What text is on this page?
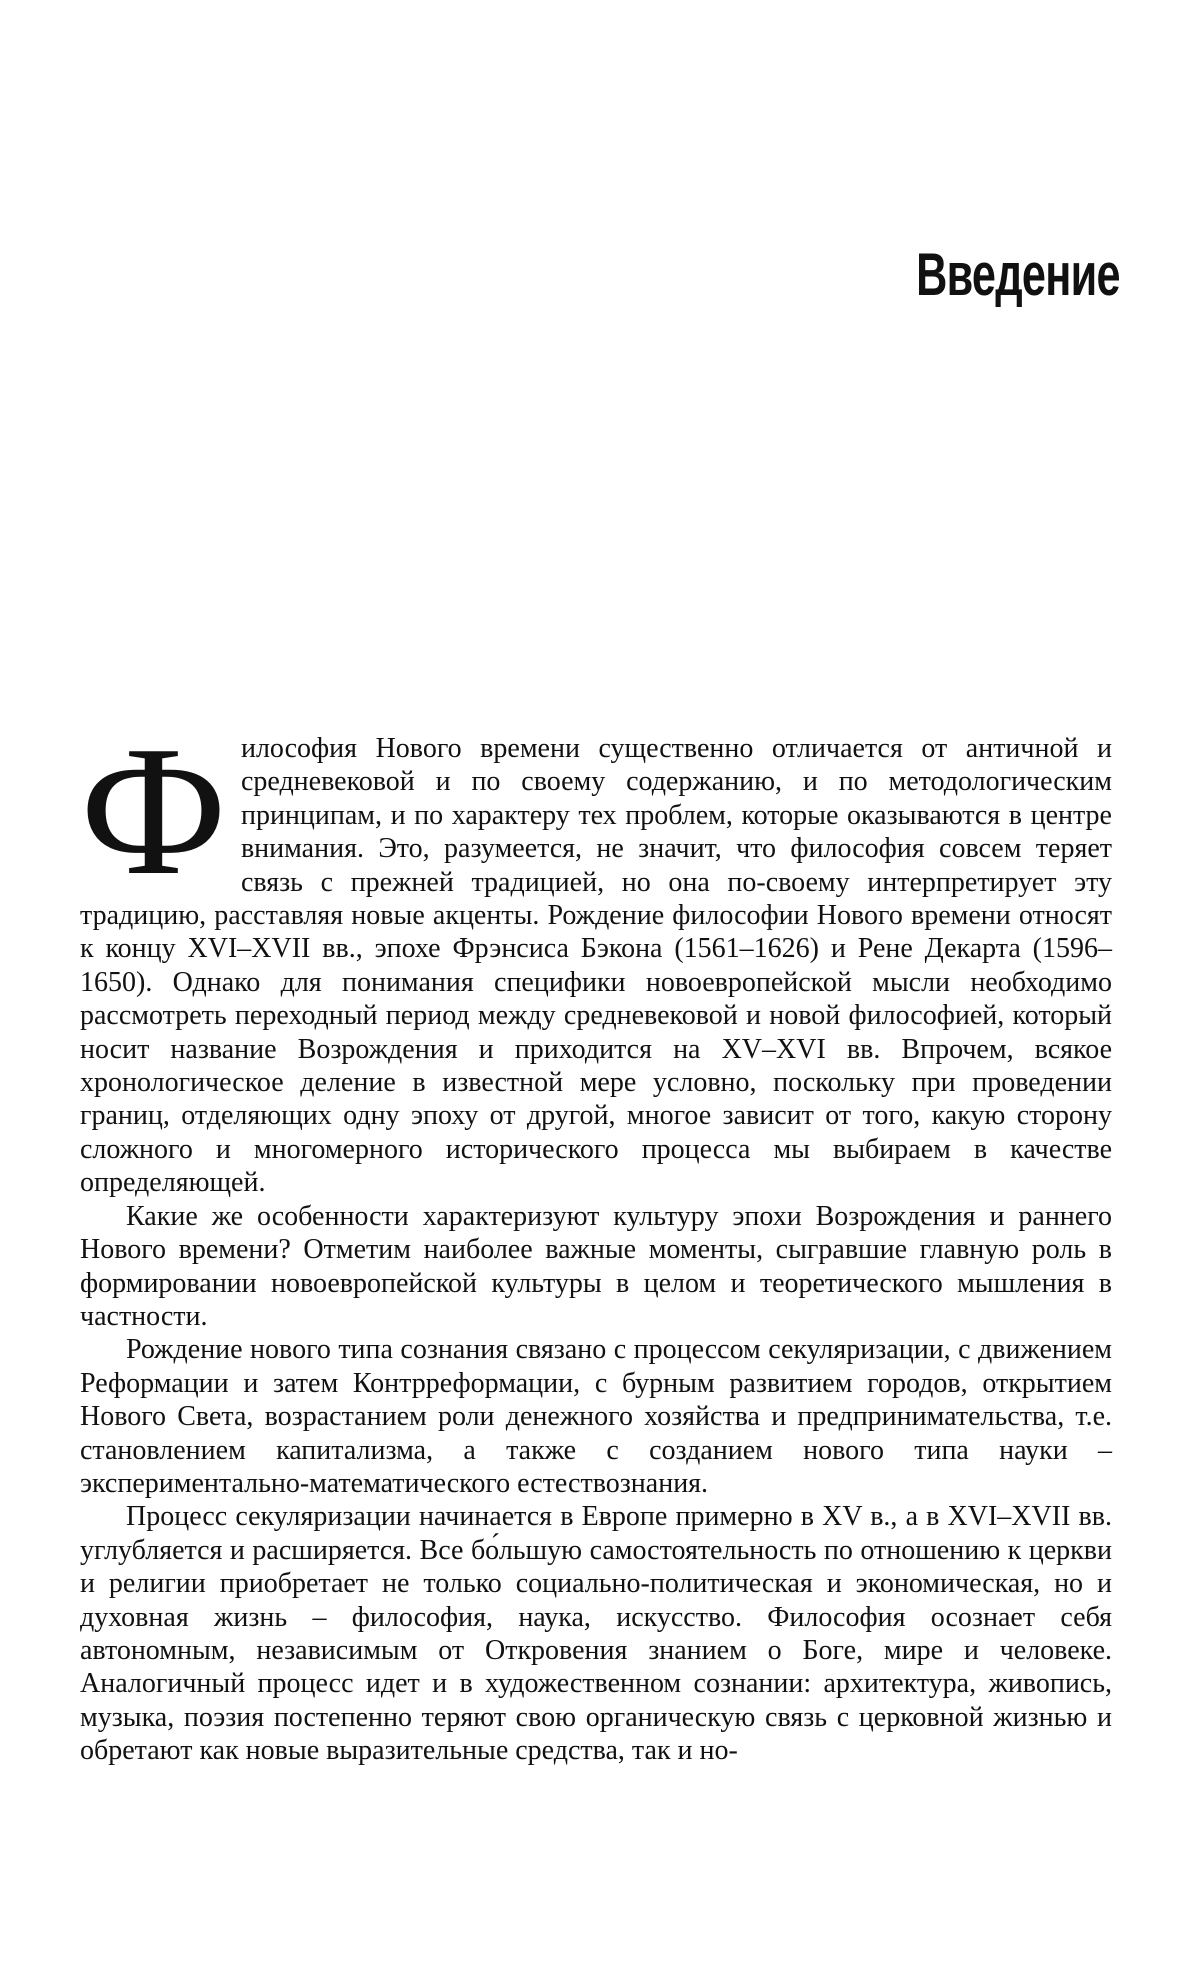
Введение

Философия Нового времени существенно отличается от античной и средневековой и по своему содержанию, и по методологическим принципам, и по характеру тех проблем, которые оказываются в центре внимания. Это, разумеется, не значит, что философия совсем теряет связь с прежней традицией, но она по-своему интерпретирует эту традицию, расставляя новые акценты. Рождение философии Нового времени относят к концу XVI–XVII вв., эпохе Фрэнсиса Бэкона (1561–1626) и Рене Декарта (1596–1650). Однако для понимания специфики новоевропейской мысли необходимо рассмотреть переходный период между средневековой и новой философией, который носит название Возрождения и приходится на XV–XVI вв. Впрочем, всякое хронологическое деление в известной мере условно, поскольку при проведении границ, отделяющих одну эпоху от другой, многое зависит от того, какую сторону сложного и многомерного исторического процесса мы выбираем в качестве определяющей.

Какие же особенности характеризуют культуру эпохи Возрождения и раннего Нового времени? Отметим наиболее важные моменты, сыгравшие главную роль в формировании новоевропейской культуры в целом и теоретического мышления в частности.

Рождение нового типа сознания связано с процессом секуляризации, с движением Реформации и затем Контрреформации, с бурным развитием городов, открытием Нового Света, возрастанием роли денежного хозяйства и предпринимательства, т.е. становлением капитализма, а также с созданием нового типа науки – экспериментально-математического естествознания.

Процесс секуляризации начинается в Европе примерно в XV в., а в XVI–XVII вв. углубляется и расширяется. Все бо́льшую самостоятельность по отношению к церкви и религии приобретает не только социально-политическая и экономическая, но и духовная жизнь – философия, наука, искусство. Философия осознает себя автономным, независимым от Откровения знанием о Боге, мире и человеке. Аналогичный процесс идет и в художественном сознании: архитектура, живопись, музыка, поэзия постепенно теряют свою органическую связь с церковной жизнью и обретают как новые выразительные средства, так и но-
